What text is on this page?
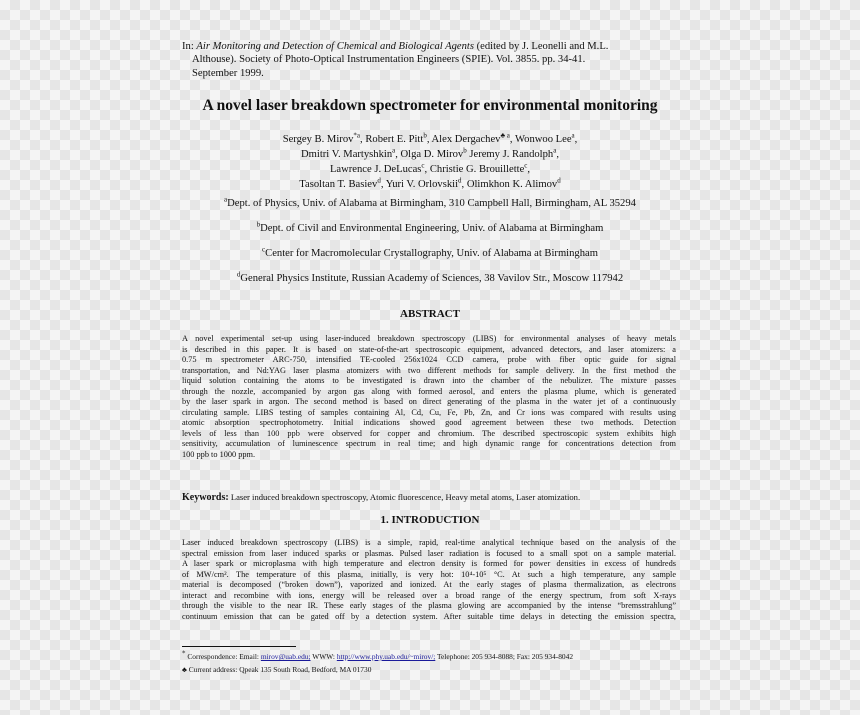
In: Air Monitoring and Detection of Chemical and Biological Agents (edited by J. Leonelli and M.L.
Althouse). Society of Photo-Optical Instrumentation Engineers (SPIE). Vol. 3855. pp. 34-41.
September 1999.
A novel laser breakdown spectrometer for environmental monitoring
Sergey B. Mirov$^{*a}$, Robert E. Pitt$^b$, Alex Dergachev$^{♣ a}$, Wonwoo Lee$^a$,
Dmitri V. Martyshkin$^a$, Olga D. Mirov$^b$ Jeremy J. Randolph$^a$,
Lawrence J. DeLucas$^c$, Christie G. Brouillette$^c$,
Tasoltan T. Basiev$^d$, Yuri V. Orlovskii$^d$, Olimkhon K. Alimov$^d$
$^a$Dept. of Physics, Univ. of Alabama at Birmingham, 310 Campbell Hall, Birmingham, AL 35294
$^b$Dept. of Civil and Environmental Engineering, Univ. of Alabama at Birmingham
$^c$Center for Macromolecular Crystallography, Univ. of Alabama at Birmingham
$^d$General Physics Institute, Russian Academy of Sciences, 38 Vavilov Str., Moscow 117942
ABSTRACT
A novel experimental set-up using laser-induced breakdown spectroscopy (LIBS) for environmental analyses of heavy metals
is described in this paper. It is based on state-of-the-art spectroscopic equipment, advanced detectors, and laser atomizers: a
0.75 m spectrometer ARC-750, intensified TE-cooled 256x1024 CCD camera, probe with fiber optic guide for signal
transportation, and Nd:YAG laser plasma atomizers with two different methods for sample delivery. In the first method the
liquid solution containing the atoms to be investigated is drawn into the chamber of the nebulizer. The mixture passes
through the nozzle, accompanied by argon gas along with formed aerosol, and enters the plasma plume, which is generated
by the laser spark in argon. The second method is based on direct generating of the plasma in the water jet of a continuously
circulating sample. LIBS testing of samples containing Al, Cd, Cu, Fe, Pb, Zn, and Cr ions was compared with results using
atomic absorption spectrophotometry. Initial indications showed good agreement between these two methods. Detection
levels of less than 100 ppb were observed for copper and chromium. The described spectroscopic system exhibits high
sensitivity, accumulation of luminescence spectrum in real time; and high dynamic range for concentrations detection from
100 ppb to 1000 ppm.
Keywords: Laser induced breakdown spectroscopy, Atomic fluorescence, Heavy metal atoms, Laser atomization.
1. INTRODUCTION
Laser induced breakdown spectroscopy (LIBS) is a simple, rapid, real-time analytical technique based on the analysis of the
spectral emission from laser induced sparks or plasmas. Pulsed laser radiation is focused to a small spot on a sample material.
A laser spark or microplasma with high temperature and electron density is formed for power densities in excess of hundreds
of MW/cm². The temperature of this plasma, initially, is very hot: 10⁴-10⁵ °C. At such a high temperature, any sample
material is decomposed (“broken down”), vaporized and ionized. At the early stages of plasma thermalization, as electrons
interact and recombine with ions, energy will be released over a broad range of the energy spectrum, from soft X-rays
through the visible to the near IR. These early stages of the plasma glowing are accompanied by the intense “bremsstrahlung”
continuum emission that can be gated off by a detection system. After suitable time delays in detecting the emission spectra,
* Correspondence: Email: mirov@uab.edu; WWW: http://www.phy.uab.edu/~mirov/; Telephone: 205 934-8088; Fax: 205 934-8042
♣ Current address: Qpeak 135 South Road, Bedford, MA 01730
